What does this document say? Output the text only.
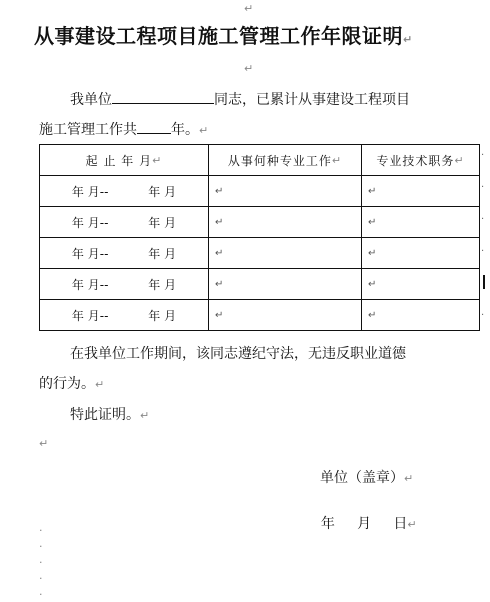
↵
从事建设工程项目施工管理工作年限证明↵
↵
我单位	同志，已累计从事建设工程项目
施工管理工作共 年。↵
起 止 年 月 ↵	从事何种专业工作 ↵	专业技术职务 ↵

年 月-- 年 月	↵	↵

年 月-- 年 月	↵	↵

年 月-- 年 月	↵	↵

年 月-- 年 月	↵	↵

年 月-- 年 月	↵	↵
·
·
·
·
·
在我单位工作期间，该同志遵纪守法，无违反职业道德
的行为。↵
特此证明。↵
↵
单位（盖章）↵

年     月     日↵

·
·
·
·
·
